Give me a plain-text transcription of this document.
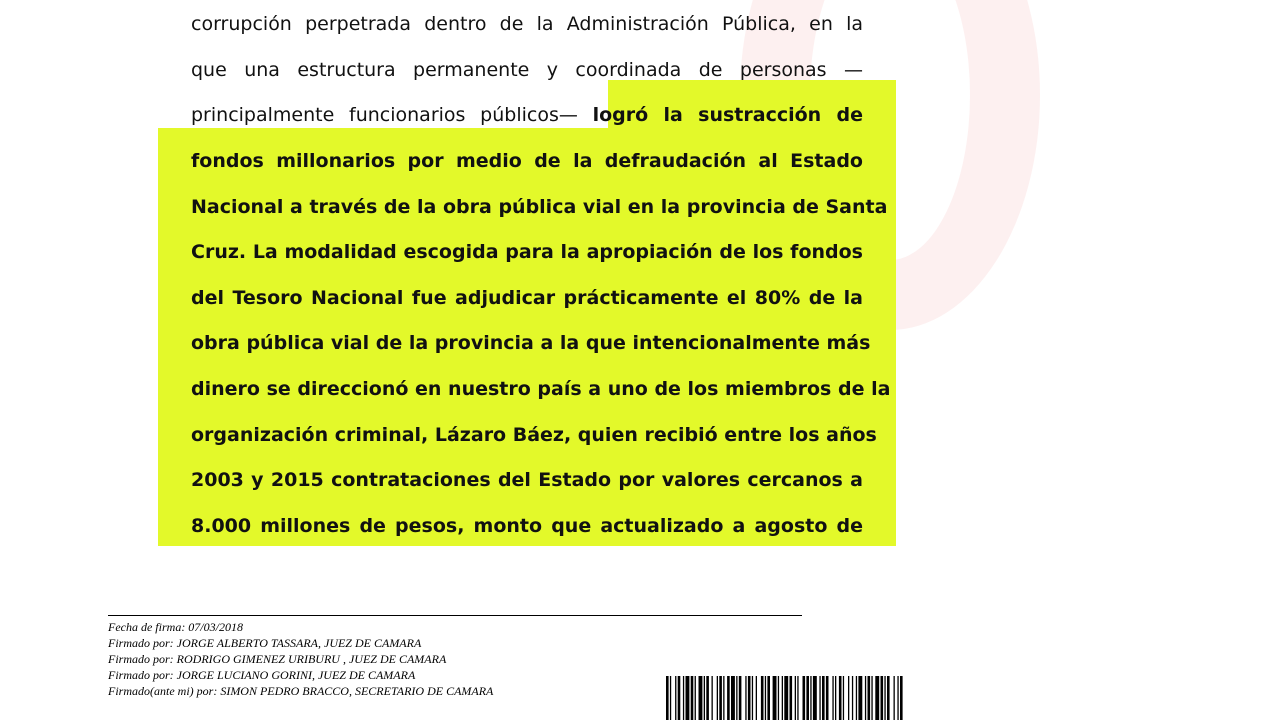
corrupción perpetrada dentro de la Administración Pública, en la
que una estructura permanente y coordinada de personas —
principalmente funcionarios públicos— logró la sustracción de
fondos millonarios por medio de la defraudación al Estado
Nacional a través de la obra pública vial en la provincia de Santa
Cruz. La modalidad escogida para la apropiación de los fondos
del Tesoro Nacional fue adjudicar prácticamente el 80% de la
obra pública vial de la provincia a la que intencionalmente más
dinero se direccionó en nuestro país a uno de los miembros de la
organización criminal, Lázaro Báez, quien recibió entre los años
2003 y 2015 contrataciones del Estado por valores cercanos a
8.000 millones de pesos, monto que actualizado a agosto de
Fecha de firma: 07/03/2018
Firmado por: JORGE ALBERTO TASSARA, JUEZ DE CAMARA
Firmado por: RODRIGO GIMENEZ URIBURU , JUEZ DE CAMARA
Firmado por: JORGE LUCIANO GORINI, JUEZ DE CAMARA
Firmado(ante mi) por: SIMON PEDRO BRACCO, SECRETARIO DE CAMARA
